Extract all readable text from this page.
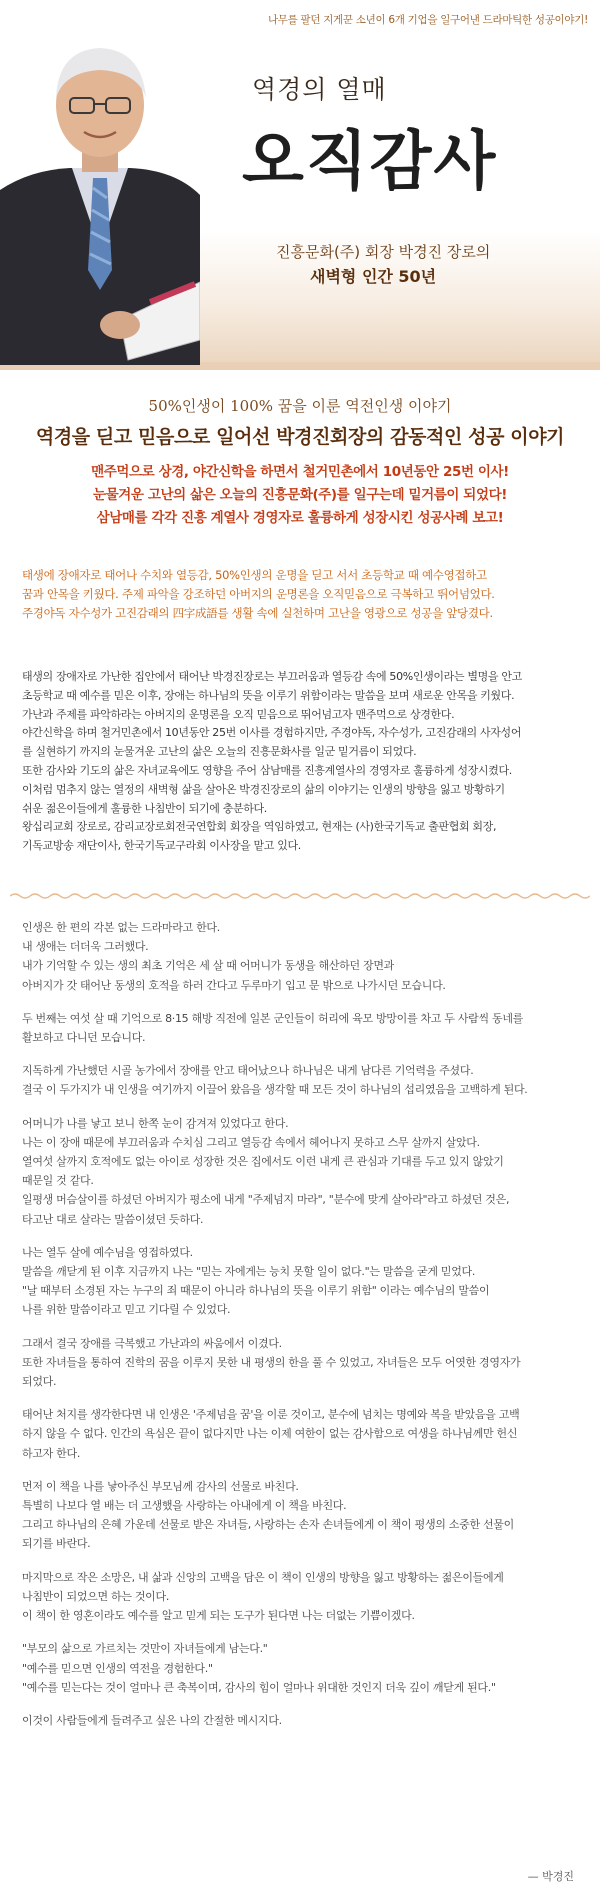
나무를 팔던 지게꾼 소년이 6개 기업을 일구어낸 드라마틱한 성공이야기!
역경의 열매
오직감사
진흥문화(주) 회장 박경진 장로의
새벽형 인간 50년
50%인생이 100% 꿈을 이룬 역전인생 이야기
역경을 딛고 믿음으로 일어선 박경진회장의 감동적인 성공 이야기
맨주먹으로 상경, 야간신학을 하면서 철거민촌에서 10년동안 25번 이사!
눈물겨운 고난의 삶은 오늘의 진흥문화(주)를 일구는데 밑거름이 되었다!
삼남매를 각각 진흥 계열사 경영자로 훌륭하게 성장시킨 성공사례 보고!
태생에 장애자로 태어나 수치와 열등감, 50%인생의 운명을 딛고 서서 초등학교 때 예수영접하고
꿈과 안목을 키웠다. 주제 파악을 강조하던 아버지의 운명론을 오직믿음으로 극복하고 뛰어넘었다.
주경야독 자수성가 고진감래의 四字成語를 생활 속에 실천하며 고난을 영광으로 성공을 앞당겼다.
태생의 장애자로 가난한 집안에서 태어난 박경진장로는 부끄러움과 열등감 속에 50%인생이라는 별명을 안고
초등학교 때 예수를 믿은 이후, 장애는 하나님의 뜻을 이루기 위함이라는 말씀을 보며 새로운 안목을 키웠다.
가난과 주제를 파악하라는 아버지의 운명론을 오직 믿음으로 뛰어넘고자 맨주먹으로 상경한다.
야간신학을 하며 철거민촌에서 10년동안 25번 이사를 경험하지만, 주경야독, 자수성가, 고진감래의 사자성어
를 실현하기 까지의 눈물겨운 고난의 삶은 오늘의 진흥문화사를 일군 밑거름이 되었다.
또한 감사와 기도의 삶은 자녀교육에도 영향을 주어 삼남매를 진흥계열사의 경영자로 훌륭하게 성장시켰다.
이처럼 멈추지 않는 열정의 새벽형 삶을 살아온 박경진장로의 삶의 이야기는 인생의 방향을 잃고 방황하기
쉬운 젊은이들에게 훌륭한 나침반이 되기에 충분하다.
왕십리교회 장로로, 감리교장로회전국연합회 회장을 역임하였고, 현재는 (사)한국기독교 출판협회 회장,
기독교방송 재단이사, 한국기독교구라회 이사장을 맡고 있다.
인생은 한 편의 각본 없는 드라마라고 한다.
내 생애는 더더욱 그러했다.
내가 기억할 수 있는 생의 최초 기억은 세 살 때 어머니가 동생을 해산하던 장면과
아버지가 갓 태어난 동생의 호적을 하러 간다고 두루마기 입고 문 밖으로 나가시던 모습니다.
두 번째는 여섯 살 때 기억으로 8·15 해방 직전에 일본 군인들이 허리에 육모 방망이를 차고 두 사람씩 동네를
활보하고 다니던 모습니다.
지독하게 가난했던 시골 농가에서 장애를 안고 태어났으나 하나님은 내게 남다른 기억력을 주셨다.
결국 이 두가지가 내 인생을 여기까지 이끌어 왔음을 생각할 때 모든 것이 하나님의 섭리였음을 고백하게 된다.
어머니가 나를 낳고 보니 한쪽 눈이 감겨져 있었다고 한다.
나는 이 장애 때문에 부끄러움과 수치심 그리고 열등감 속에서 헤어나지 못하고 스무 살까지 살았다.
열여섯 살까지 호적에도 없는 아이로 성장한 것은 집에서도 이런 내게 큰 관심과 기대를 두고 있지 않았기
때문일 것 같다.
일평생 머슴살이를 하셨던 아버지가 평소에 내게 "주제넘지 마라", "분수에 맞게 살아라"라고 하셨던 것은,
타고난 대로 살라는 말씀이셨던 듯하다.
나는 열두 살에 예수님을 영접하였다.
말씀을 깨닫게 된 이후 지금까지 나는 "믿는 자에게는 능치 못할 일이 없다."는 말씀을 굳게 믿었다.
"날 때부터 소경된 자는 누구의 죄 때문이 아니라 하나님의 뜻을 이루기 위함" 이라는 예수님의 말씀이
나를 위한 말씀이라고 믿고 기다릴 수 있었다.
그래서 결국 장애를 극복했고 가난과의 싸움에서 이겼다.
또한 자녀들을 통하여 진학의 꿈을 이루지 못한 내 평생의 한을 풀 수 있었고, 자녀들은 모두 어엿한 경영자가
되었다.
태어난 처지를 생각한다면 내 인생은 '주제넘을 꿈'을 이룬 것이고, 분수에 넘치는 명예와 복을 받았음을 고백
하지 않을 수 없다. 인간의 욕심은 끝이 없다지만 나는 이제 여한이 없는 감사함으로 여생을 하나님께만 헌신
하고자 한다.
먼저 이 책을 나를 낳아주신 부모님께 감사의 선물로 바친다.
특별히 나보다 열 배는 더 고생했을 사랑하는 아내에게 이 책을 바친다.
그리고 하나님의 은혜 가운데 선물로 받은 자녀들, 사랑하는 손자 손녀들에게 이 책이 평생의 소중한 선물이
되기를 바란다.
마지막으로 작은 소망은, 내 삶과 신앙의 고백을 담은 이 책이 인생의 방향을 잃고 방황하는 젊은이들에게
나침반이 되었으면 하는 것이다.
이 책이 한 영혼이라도 예수를 알고 믿게 되는 도구가 된다면 나는 더없는 기쁨이겠다.
"부모의 삶으로 가르치는 것만이 자녀들에게 남는다."
"예수를 믿으면 인생의 역전을 경험한다."
"예수를 믿는다는 것이 얼마나 큰 축복이며, 감사의 힘이 얼마나 위대한 것인지 더욱 깊이 깨닫게 된다."
이것이 사람들에게 들려주고 싶은 나의 간절한 메시지다.
— 박경진
